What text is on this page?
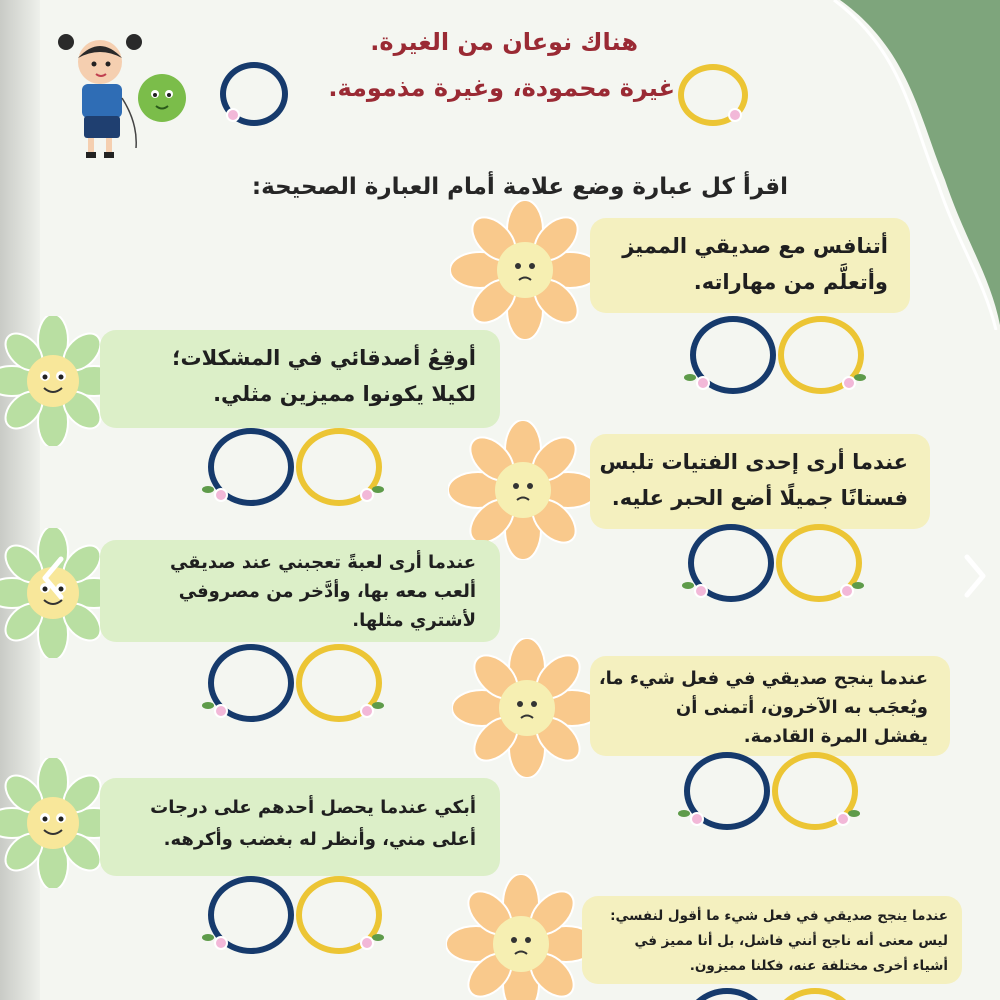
هناك نوعان من الغيرة.
غيرة محمودة، وغيرة مذمومة.
اقرأ كل عبارة وضع علامة أمام العبارة الصحيحة:
أتنافس مع صديقي المميز
وأتعلَّم من مهاراته.
أوقِعُ أصدقائي في المشكلات؛
لكيلا يكونوا مميزين مثلي.
عندما أرى إحدى الفتيات تلبس
فستانًا جميلًا أضع الحبر عليه.
عندما أرى لعبةً تعجبني عند صديقي
ألعب معه بها، وأدَّخر من مصروفي
لأشتري مثلها.
عندما ينجح صديقي في فعل شيء ما،
ويُعجَب به الآخرون، أتمنى أن
يفشل المرة القادمة.
أبكي عندما يحصل أحدهم على درجات
أعلى مني، وأنظر له بغضب وأكرهه.
عندما ينجح صديقي في فعل شيء ما أقول لنفسي:
ليس معنى أنه ناجح أنني فاشل، بل أنا مميز في
أشياء أخرى مختلفة عنه، فكلنا مميزون.
